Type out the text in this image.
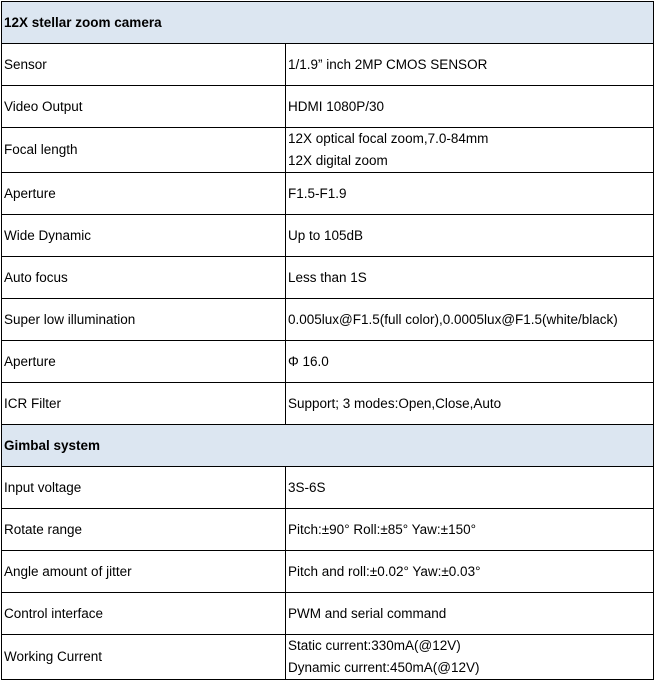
12X stellar zoom camera	
Sensor	1/1.9” inch 2MP CMOS SENSOR

Video Output	HDMI 1080P/30

Focal length	12X optical focal zoom,7.0-84mm
12X digital zoom

Aperture	F1.5-F1.9

Wide Dynamic	Up to 105dB

Auto focus	Less than 1S

Super low illumination	0.005lux@F1.5(full color),0.0005lux@F1.5(white/black)

Aperture	Φ 16.0

ICR Filter	Support; 3 modes:Open,Close,Auto

Gimbal system	
Input voltage	3S-6S

Rotate range	Pitch:±90° Roll:±85° Yaw:±150°

Angle amount of jitter	Pitch and roll:±0.02° Yaw:±0.03°

Control interface	PWM and serial command

Working Current	Static current:330mA(@12V)
Dynamic current:450mA(@12V)
